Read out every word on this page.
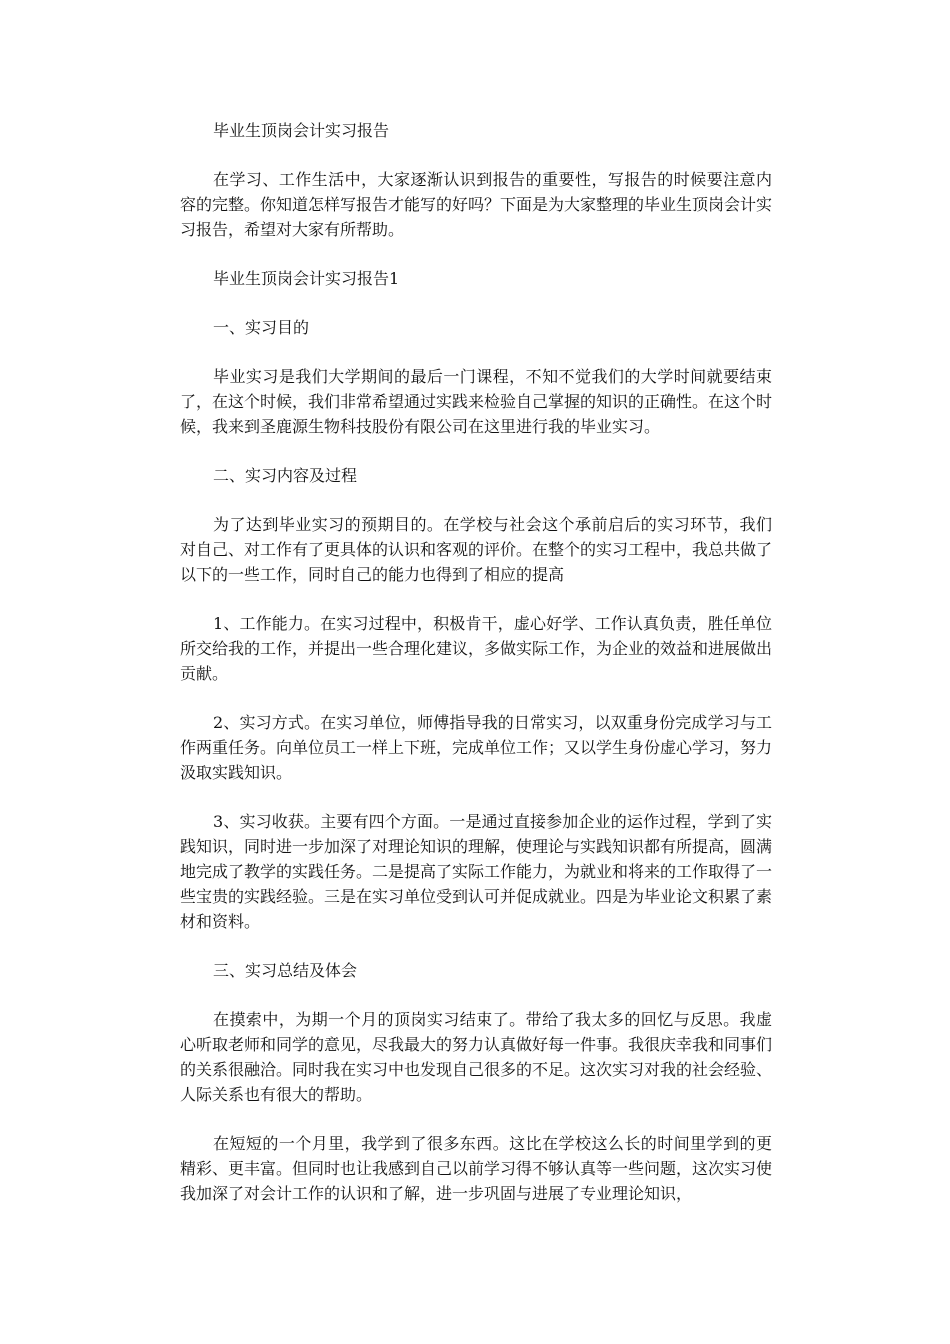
毕业生顶岗会计实习报告

在学习、工作生活中，大家逐渐认识到报告的重要性，写报告的时候要注意内容的完整。你知道怎样写报告才能写的好吗？下面是为大家整理的毕业生顶岗会计实习报告，希望对大家有所帮助。

毕业生顶岗会计实习报告1

一、实习目的

毕业实习是我们大学期间的最后一门课程，不知不觉我们的大学时间就要结束了，在这个时候，我们非常希望通过实践来检验自己掌握的知识的正确性。在这个时候，我来到圣鹿源生物科技股份有限公司在这里进行我的毕业实习。

二、实习内容及过程

为了达到毕业实习的预期目的。在学校与社会这个承前启后的实习环节，我们对自己、对工作有了更具体的认识和客观的评价。在整个的实习工程中，我总共做了以下的一些工作，同时自己的能力也得到了相应的提高

1、工作能力。在实习过程中，积极肯干，虚心好学、工作认真负责，胜任单位所交给我的工作，并提出一些合理化建议，多做实际工作，为企业的效益和进展做出贡献。

2、实习方式。在实习单位，师傅指导我的日常实习，以双重身份完成学习与工作两重任务。向单位员工一样上下班，完成单位工作；又以学生身份虚心学习，努力汲取实践知识。

3、实习收获。主要有四个方面。一是通过直接参加企业的运作过程，学到了实践知识，同时进一步加深了对理论知识的理解，使理论与实践知识都有所提高，圆满地完成了教学的实践任务。二是提高了实际工作能力，为就业和将来的工作取得了一些宝贵的实践经验。三是在实习单位受到认可并促成就业。四是为毕业论文积累了素材和资料。

三、实习总结及体会

在摸索中，为期一个月的顶岗实习结束了。带给了我太多的回忆与反思。我虚心听取老师和同学的意见，尽我最大的努力认真做好每一件事。我很庆幸我和同事们的关系很融洽。同时我在实习中也发现自己很多的不足。这次实习对我的社会经验、人际关系也有很大的帮助。

在短短的一个月里，我学到了很多东西。这比在学校这么长的时间里学到的更精彩、更丰富。但同时也让我感到自己以前学习得不够认真等一些问题，这次实习使我加深了对会计工作的认识和了解，进一步巩固与进展了专业理论知识，
